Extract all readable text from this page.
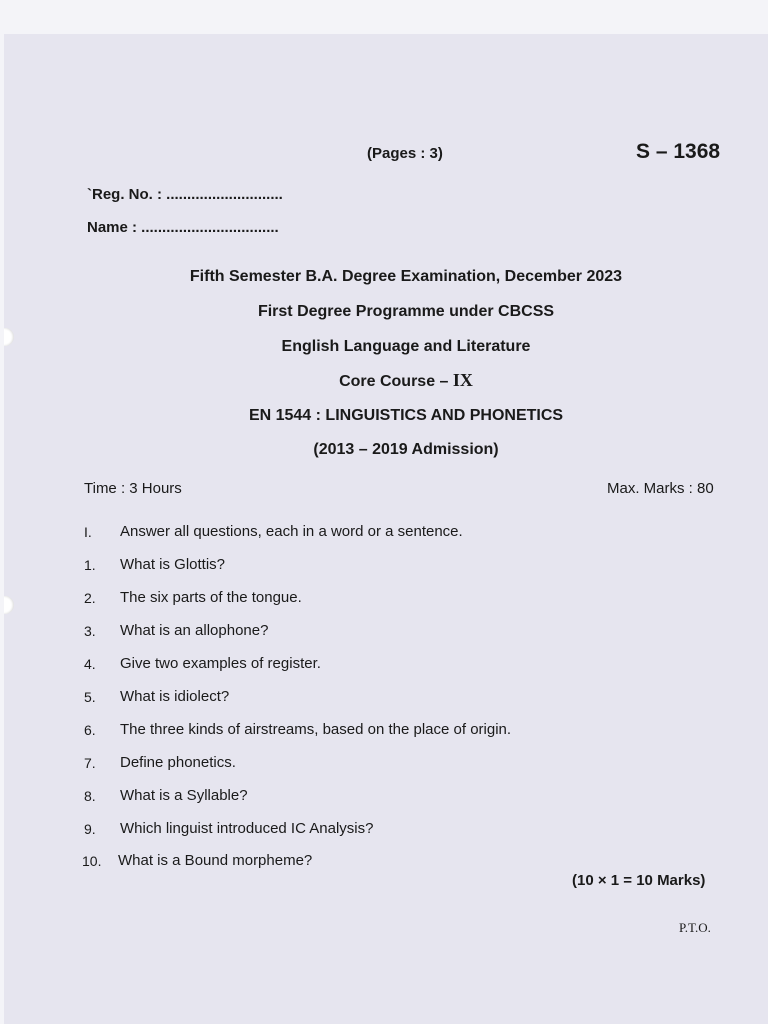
(Pages : 3)	S – 1368
`Reg. No. : ............................
Name : .................................
Fifth Semester B.A. Degree Examination, December 2023
First Degree Programme under CBCSS
English Language and Literature
Core Course – IX
EN 1544 : LINGUISTICS AND PHONETICS
(2013 – 2019 Admission)
Time : 3 Hours	Max. Marks : 80
I. Answer all questions, each in a word or a sentence.
1. What is Glottis?
2. The six parts of the tongue.
3. What is an allophone?
4. Give two examples of register.
5. What is idiolect?
6. The three kinds of airstreams, based on the place of origin.
7. Define phonetics.
8. What is a Syllable?
9. Which linguist introduced IC Analysis?
10. What is a Bound morpheme?
(10 × 1 = 10 Marks)
P.T.O.
